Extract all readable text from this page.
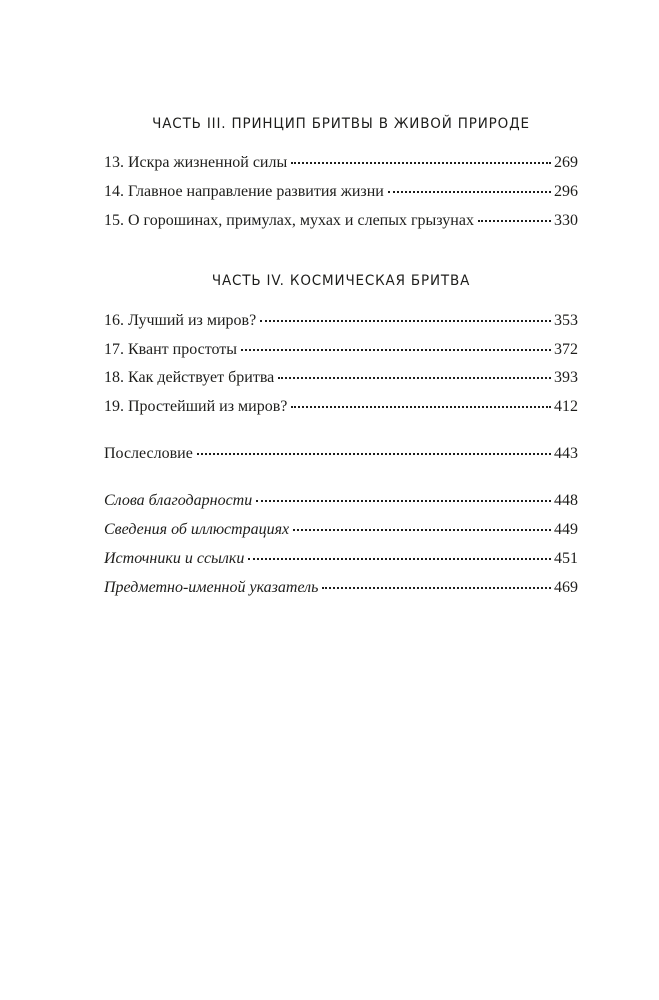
ЧАСТЬ III. ПРИНЦИП БРИТВЫ В ЖИВОЙ ПРИРОДЕ
13. Искра жизненной силы	269
14. Главное направление развития жизни	296
15. О горошинах, примулах, мухах и слепых грызунах	330
ЧАСТЬ IV. КОСМИЧЕСКАЯ БРИТВА
16. Лучший из миров?	353
17. Квант простоты	372
18. Как действует бритва	393
19. Простейший из миров?	412
Послесловие	443
Слова благодарности	448
Сведения об иллюстрациях	449
Источники и ссылки	451
Предметно-именной указатель	469
